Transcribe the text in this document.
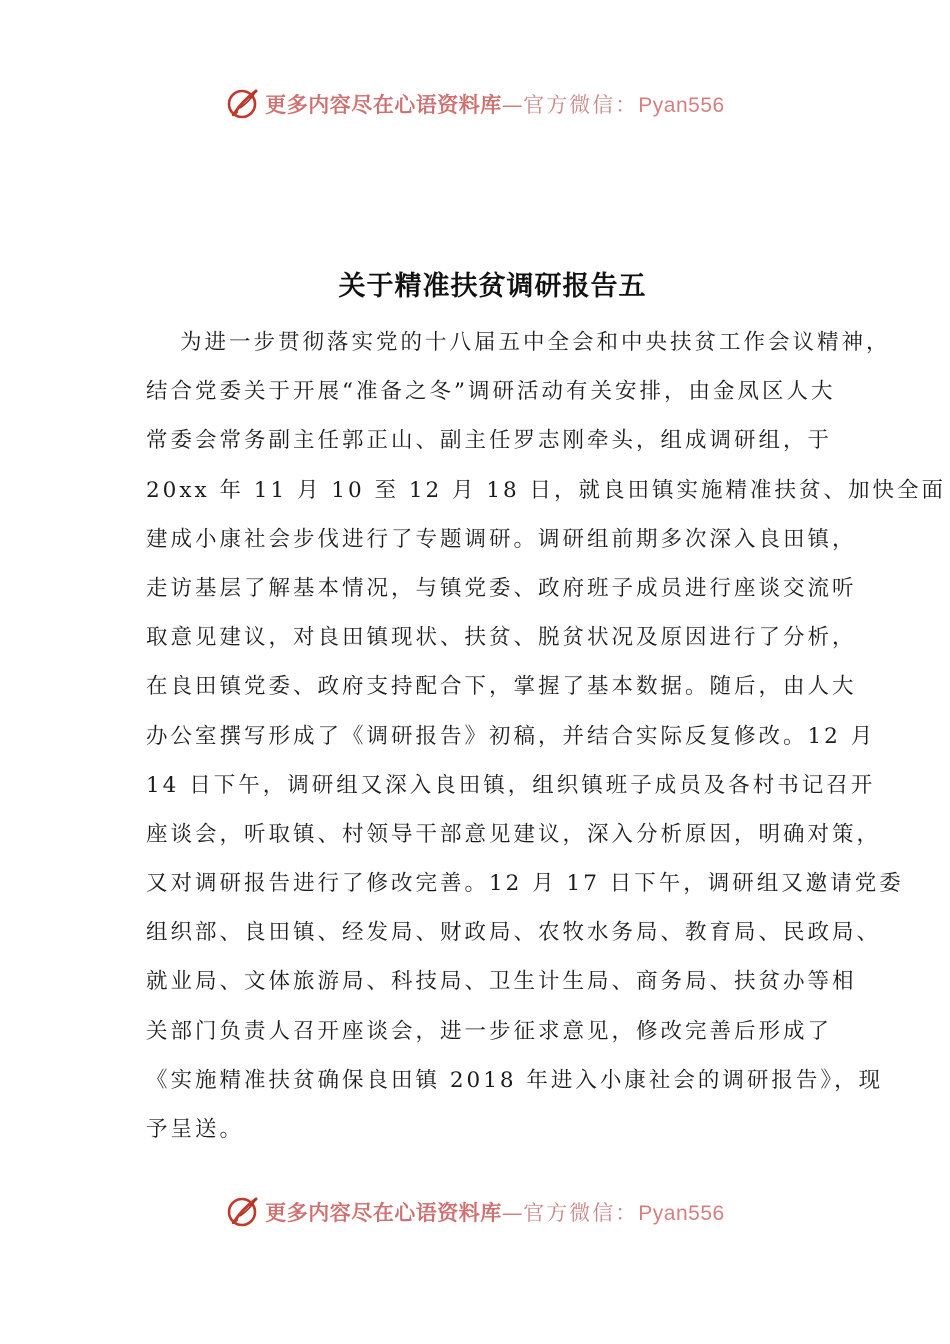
更多内容尽在心语资料库—官方微信：Pyan556
关于精准扶贫调研报告五
为进一步贯彻落实党的十八届五中全会和中央扶贫工作会议精神，
结合党委关于开展“准备之冬”调研活动有关安排，由金凤区人大
常委会常务副主任郭正山、副主任罗志刚牵头，组成调研组，于
20xx 年 11 月 10 至 12 月 18 日，就良田镇实施精准扶贫、加快全面
建成小康社会步伐进行了专题调研。调研组前期多次深入良田镇，
走访基层了解基本情况，与镇党委、政府班子成员进行座谈交流听
取意见建议，对良田镇现状、扶贫、脱贫状况及原因进行了分析，
在良田镇党委、政府支持配合下，掌握了基本数据。随后，由人大
办公室撰写形成了《调研报告》初稿，并结合实际反复修改。12 月
14 日下午，调研组又深入良田镇，组织镇班子成员及各村书记召开
座谈会，听取镇、村领导干部意见建议，深入分析原因，明确对策，
又对调研报告进行了修改完善。12 月 17 日下午，调研组又邀请党委
组织部、良田镇、经发局、财政局、农牧水务局、教育局、民政局、
就业局、文体旅游局、科技局、卫生计生局、商务局、扶贫办等相
关部门负责人召开座谈会，进一步征求意见，修改完善后形成了
《实施精准扶贫确保良田镇 2018 年进入小康社会的调研报告》，现
予呈送。
更多内容尽在心语资料库—官方微信：Pyan556
